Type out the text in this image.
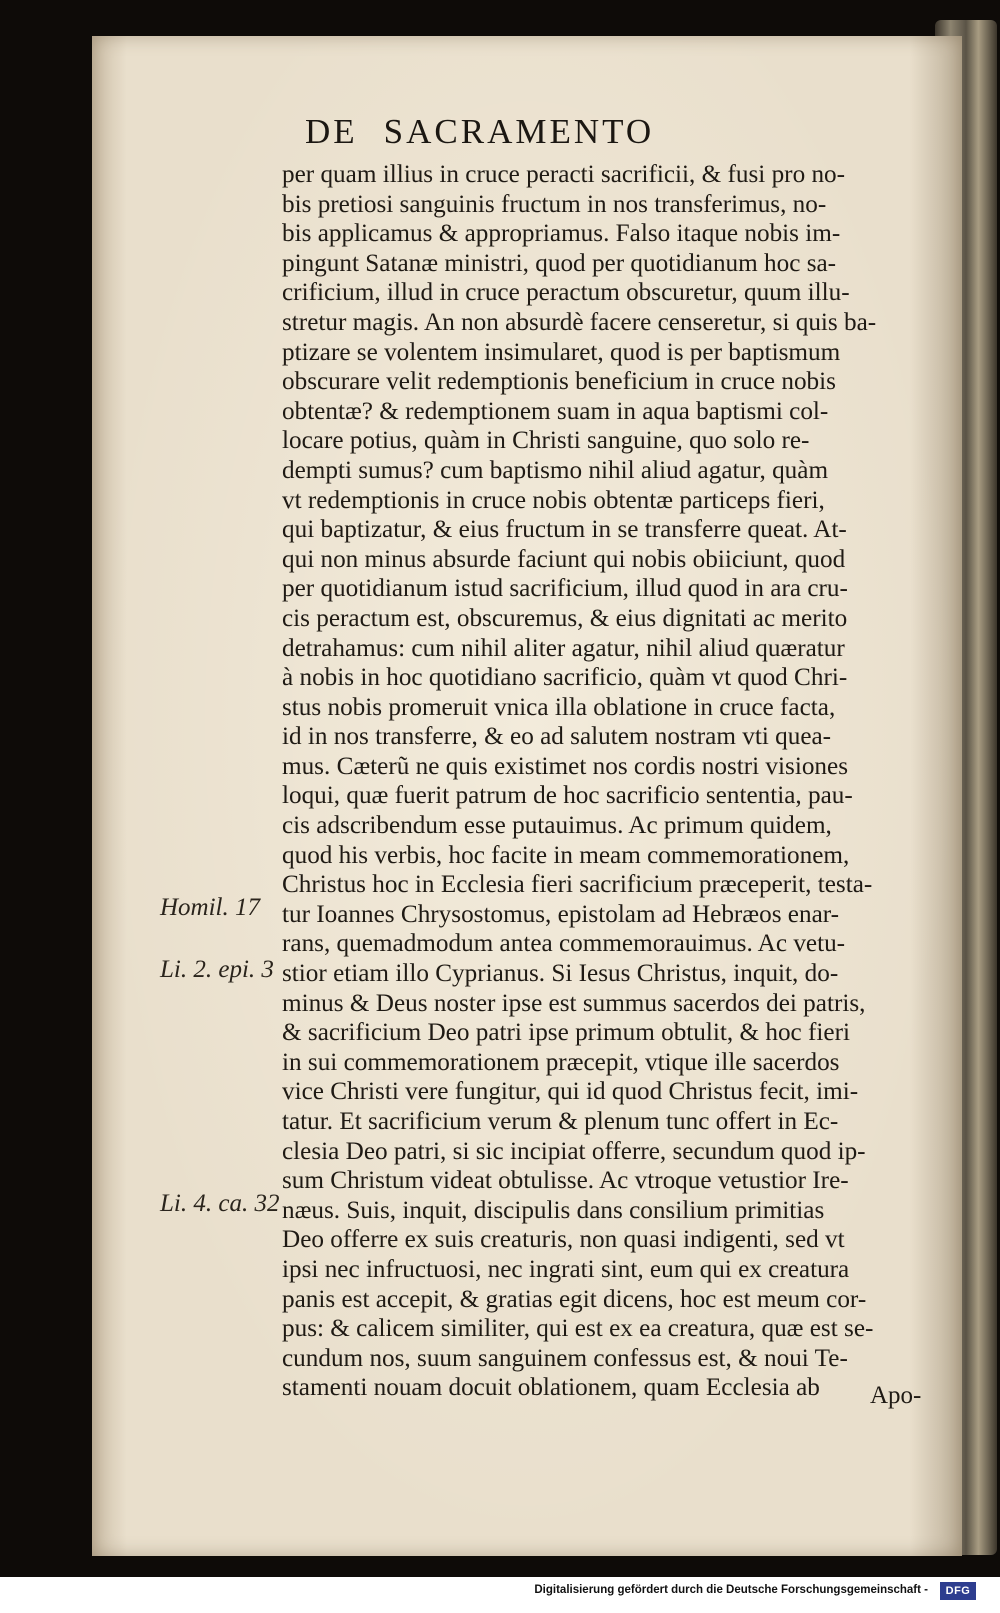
DE SACRAMENTO
per quam illius in cruce peracti sacrificii, & fusi pro no-
bis pretiosi sanguinis fructum in nos transferimus, no-
bis applicamus & appropriamus. Falso itaque nobis im-
pingunt Satanæ ministri, quod per quotidianum hoc sa-
crificium, illud in cruce peractum obscuretur, quum illu-
stretur magis. An non absurdè facere censeretur, si quis ba-
ptizare se volentem insimularet, quod is per baptismum
obscurare velit redemptionis beneficium in cruce nobis
obtentæ? & redemptionem suam in aqua baptismi col-
locare potius, quàm in Christi sanguine, quo solo re-
dempti sumus? cum baptismo nihil aliud agatur, quàm
vt redemptionis in cruce nobis obtentæ particeps fieri,
qui baptizatur, & eius fructum in se transferre queat. At-
qui non minus absurde faciunt qui nobis obiiciunt, quod
per quotidianum istud sacrificium, illud quod in ara cru-
cis peractum est, obscuremus, & eius dignitati ac merito
detrahamus: cum nihil aliter agatur, nihil aliud quæratur
à nobis in hoc quotidiano sacrificio, quàm vt quod Chri-
stus nobis promeruit vnica illa oblatione in cruce facta,
id in nos transferre, & eo ad salutem nostram vti quea-
mus. Cæterũ ne quis existimet nos cordis nostri visiones
loqui, quæ fuerit patrum de hoc sacrificio sententia, pau-
cis adscribendum esse putauimus. Ac primum quidem,
quod his verbis, hoc facite in meam commemorationem,
Christus hoc in Ecclesia fieri sacrificium præceperit, testa-
tur Ioannes Chrysostomus, epistolam ad Hebræos enar-
rans, quemadmodum antea commemorauimus. Ac vetu-
stior etiam illo Cyprianus. Si Iesus Christus, inquit, do-
minus & Deus noster ipse est summus sacerdos dei patris,
& sacrificium Deo patri ipse primum obtulit, & hoc fieri
in sui commemorationem præcepit, vtique ille sacerdos
vice Christi vere fungitur, qui id quod Christus fecit, imi-
tatur. Et sacrificium verum & plenum tunc offert in Ec-
clesia Deo patri, si sic incipiat offerre, secundum quod ip-
sum Christum videat obtulisse. Ac vtroque vetustior Ire-
næus. Suis, inquit, discipulis dans consilium primitias
Deo offerre ex suis creaturis, non quasi indigenti, sed vt
ipsi nec infructuosi, nec ingrati sint, eum qui ex creatura
panis est accepit, & gratias egit dicens, hoc est meum cor-
pus: & calicem similiter, qui est ex ea creatura, quæ est se-
cundum nos, suum sanguinem confessus est, & noui Te-
stamenti nouam docuit oblationem, quam Ecclesia ab
Homil. 17
Li. 2. epi. 3
Li. 4. ca. 32
Apo-
Digitalisierung gefördert durch die Deutsche Forschungsgemeinschaft -	DFG
